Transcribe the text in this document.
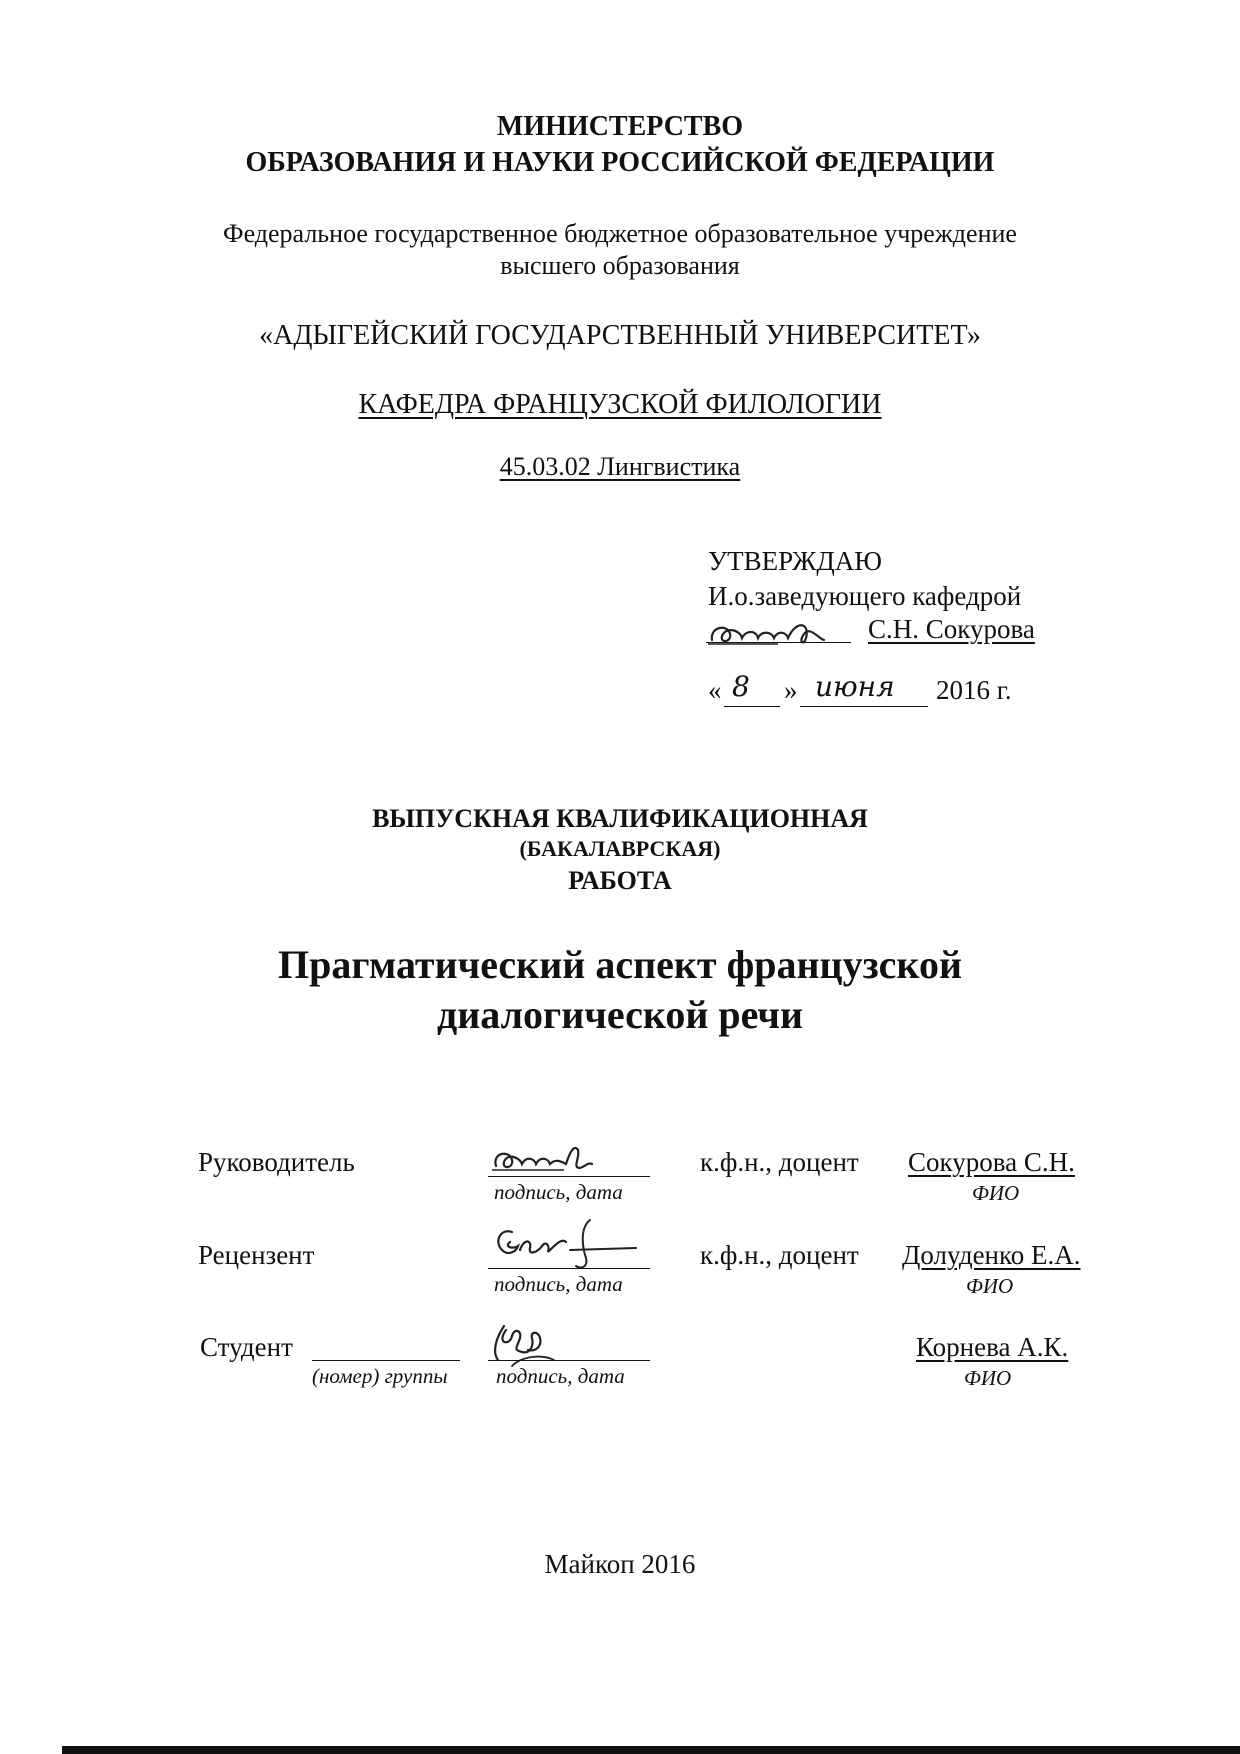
МИНИСТЕРСТВО
ОБРАЗОВАНИЯ И НАУКИ РОССИЙСКОЙ ФЕДЕРАЦИИ
Федеральное государственное бюджетное образовательное учреждение
высшего образования
«АДЫГЕЙСКИЙ ГОСУДАРСТВЕННЫЙ УНИВЕРСИТЕТ»
КАФЕДРА ФРАНЦУЗСКОЙ ФИЛОЛОГИИ
45.03.02 Лингвистика
УТВЕРЖДАЮ
И.о.заведующего кафедрой
С.Н. Сокурова
« 8 » июня 2016 г.
ВЫПУСКНАЯ КВАЛИФИКАЦИОННАЯ
(БАКАЛАВРСКАЯ)
РАБОТА
Прагматический аспект французской
диалогической речи
Руководитель
подпись, дата
к.ф.н., доцент Сокурова С.Н.
ФИО
Рецензент
подпись, дата
к.ф.н., доцент Долуденко Е.А.
ФИО
Студент
(номер) группы подпись, дата
Корнева А.К.
ФИО
Майкоп 2016
